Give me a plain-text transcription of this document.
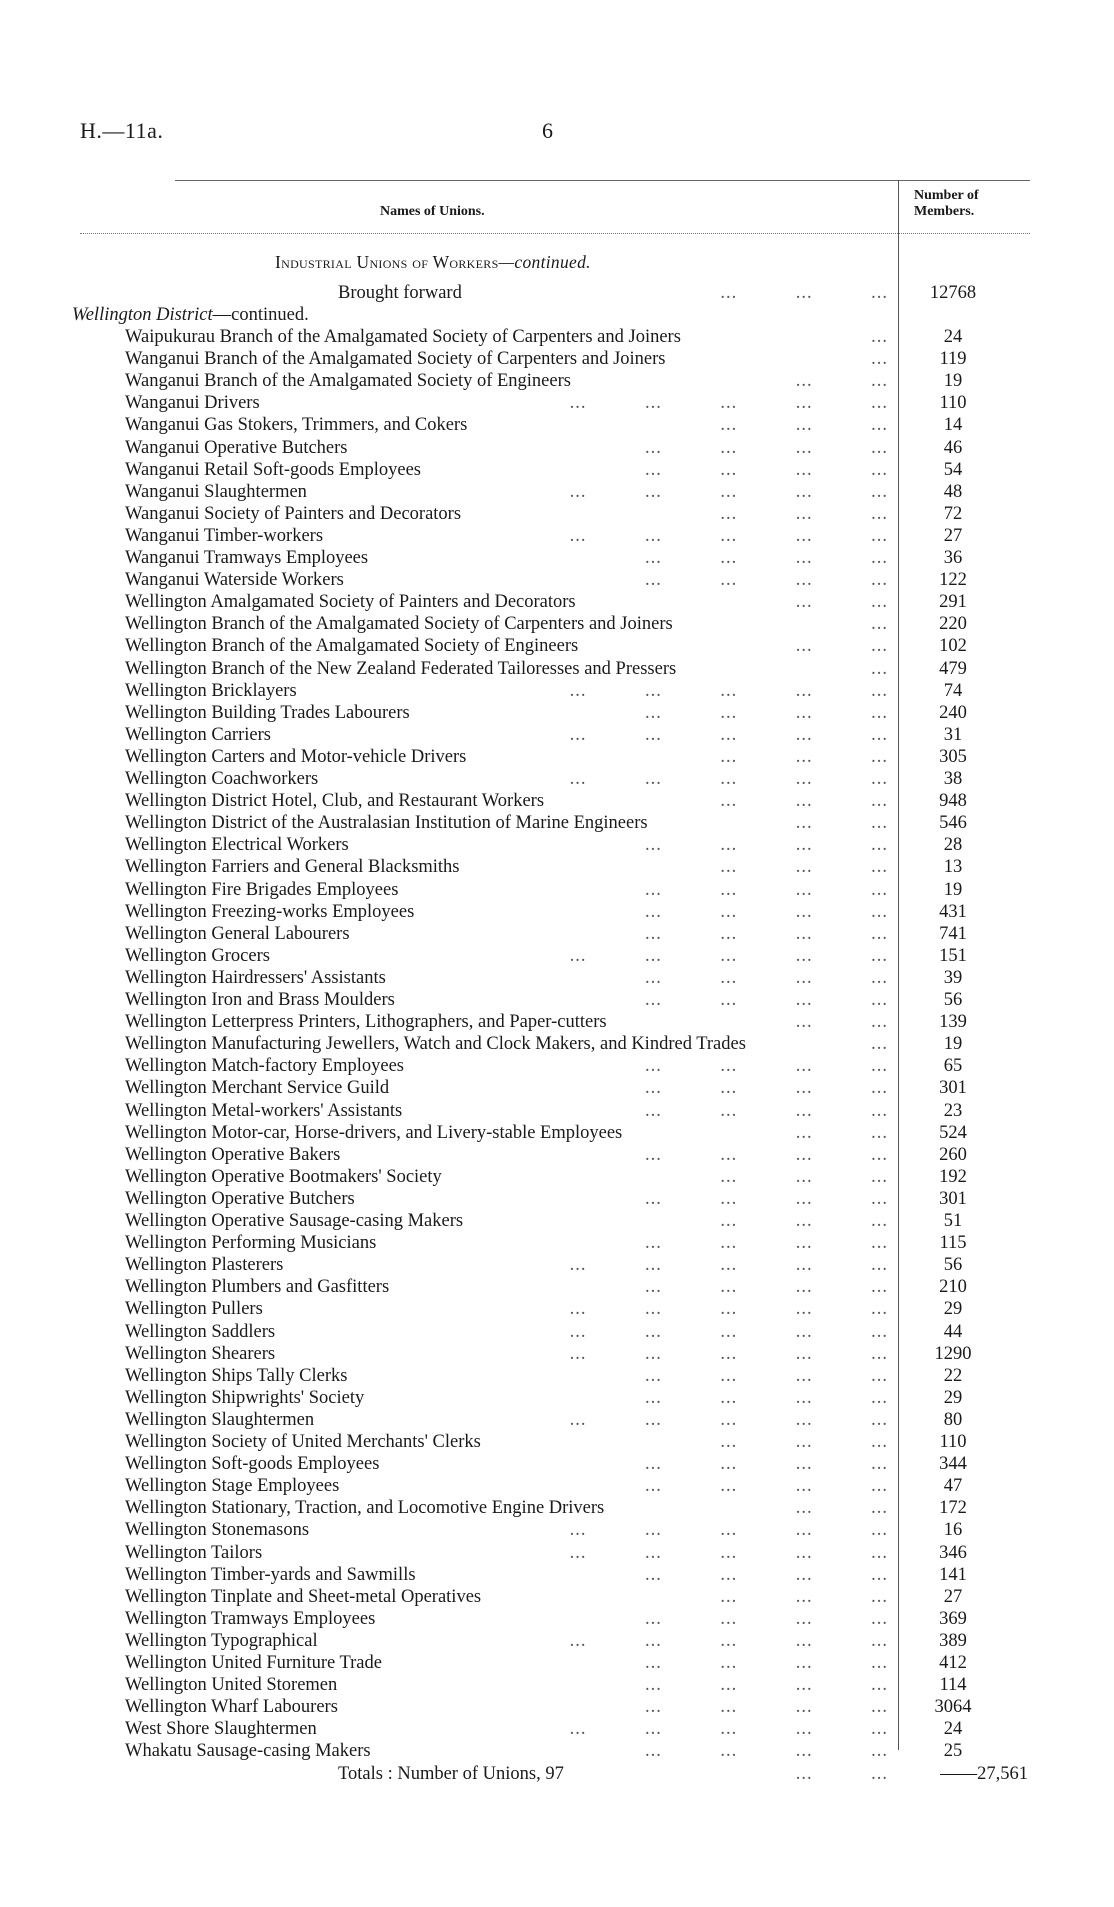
H.—11a.	6
Names of Unions.
Number of
Members.
Industrial Unions of Workers—continued.
Brought forward	...   ...   ...	12768
Wellington District—continued.
Waipukurau Branch of the Amalgamated Society of Carpenters and Joiners	...	24
Wanganui Branch of the Amalgamated Society of Carpenters and Joiners	...	119
Wanganui Branch of the Amalgamated Society of Engineers	...   ...	19
Wanganui Drivers	...   ...   ...   ...   ...	110
Wanganui Gas Stokers, Trimmers, and Cokers	...   ...   ...	14
Wanganui Operative Butchers	...   ...   ...   ...	46
Wanganui Retail Soft-goods Employees	...   ...   ...   ...	54
Wanganui Slaughtermen	...   ...   ...   ...   ...	48
Wanganui Society of Painters and Decorators	...   ...   ...	72
Wanganui Timber-workers	...   ...   ...   ...   ...	27
Wanganui Tramways Employees	...   ...   ...   ...	36
Wanganui Waterside Workers	...   ...   ...   ...	122
Wellington Amalgamated Society of Painters and Decorators	...   ...	291
Wellington Branch of the Amalgamated Society of Carpenters and Joiners	...	220
Wellington Branch of the Amalgamated Society of Engineers	...   ...	102
Wellington Branch of the New Zealand Federated Tailoresses and Pressers	...	479
Wellington Bricklayers	...   ...   ...   ...   ...	74
Wellington Building Trades Labourers	...   ...   ...   ...	240
Wellington Carriers	...   ...   ...   ...   ...	31
Wellington Carters and Motor-vehicle Drivers	...   ...   ...	305
Wellington Coachworkers	...   ...   ...   ...   ...	38
Wellington District Hotel, Club, and Restaurant Workers	...   ...   ...	948
Wellington District of the Australasian Institution of Marine Engineers	...   ...	546
Wellington Electrical Workers	...   ...   ...   ...	28
Wellington Farriers and General Blacksmiths	...   ...   ...	13
Wellington Fire Brigades Employees	...   ...   ...   ...	19
Wellington Freezing-works Employees	...   ...   ...   ...	431
Wellington General Labourers	...   ...   ...   ...	741
Wellington Grocers	...   ...   ...   ...   ...	151
Wellington Hairdressers' Assistants	...   ...   ...   ...	39
Wellington Iron and Brass Moulders	...   ...   ...   ...	56
Wellington Letterpress Printers, Lithographers, and Paper-cutters	...   ...	139
Wellington Manufacturing Jewellers, Watch and Clock Makers, and Kindred Trades	...	19
Wellington Match-factory Employees	...   ...   ...   ...	65
Wellington Merchant Service Guild	...   ...   ...   ...	301
Wellington Metal-workers' Assistants	...   ...   ...   ...	23
Wellington Motor-car, Horse-drivers, and Livery-stable Employees	...   ...	524
Wellington Operative Bakers	...   ...   ...   ...	260
Wellington Operative Bootmakers' Society	...   ...   ...	192
Wellington Operative Butchers	...   ...   ...   ...	301
Wellington Operative Sausage-casing Makers	...   ...   ...	51
Wellington Performing Musicians	...   ...   ...   ...	115
Wellington Plasterers	...   ...   ...   ...   ...	56
Wellington Plumbers and Gasfitters	...   ...   ...   ...	210
Wellington Pullers	...   ...   ...   ...   ...	29
Wellington Saddlers	...   ...   ...   ...   ...	44
Wellington Shearers	...   ...   ...   ...   ...	1290
Wellington Ships Tally Clerks	...   ...   ...   ...	22
Wellington Shipwrights' Society	...   ...   ...   ...	29
Wellington Slaughtermen	...   ...   ...   ...   ...	80
Wellington Society of United Merchants' Clerks	...   ...   ...	110
Wellington Soft-goods Employees	...   ...   ...   ...	344
Wellington Stage Employees	...   ...   ...   ...	47
Wellington Stationary, Traction, and Locomotive Engine Drivers	...   ...	172
Wellington Stonemasons	...   ...   ...   ...   ...	16
Wellington Tailors	...   ...   ...   ...   ...	346
Wellington Timber-yards and Sawmills	...   ...   ...   ...	141
Wellington Tinplate and Sheet-metal Operatives	...   ...   ...	27
Wellington Tramways Employees	...   ...   ...   ...	369
Wellington Typographical	...   ...   ...   ...   ...	389
Wellington United Furniture Trade	...   ...   ...   ...	412
Wellington United Storemen	...   ...   ...   ...	114
Wellington Wharf Labourers	...   ...   ...   ...	3064
West Shore Slaughtermen	...   ...   ...   ...   ...	24
Whakatu Sausage-casing Makers	...   ...   ...   ...	25
Totals : Number of Unions, 97	...   ...	——27,561
